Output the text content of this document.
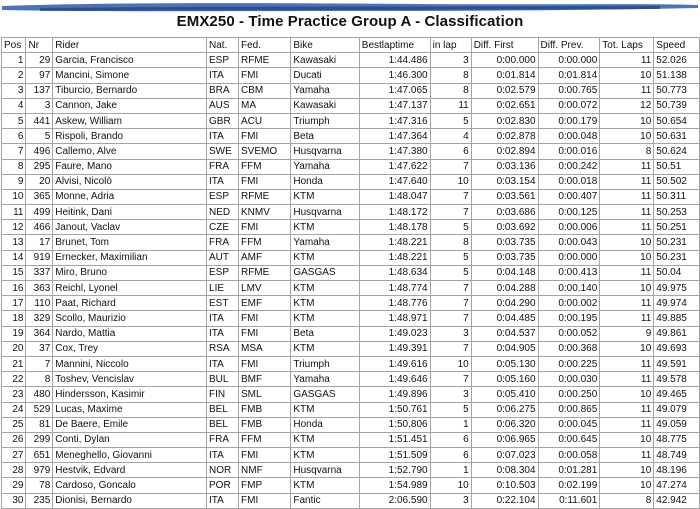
EMX250 - Time Practice Group A - Classification
Pos	Nr	Rider	Nat.	Fed.	Bike	Bestlaptime	in lap	Diff. First	Diff. Prev.	Tot. Laps	Speed
1	29	Garcia, Francisco	ESP	RFME	Kawasaki	1:44.486	3	0:00.000	0:00.000	11	52.026
2	97	Mancini, Simone	ITA	FMI	Ducati	1:46.300	8	0:01.814	0:01.814	10	51.138
3	137	Tiburcio, Bernardo	BRA	CBM	Yamaha	1:47.065	8	0:02.579	0:00.765	11	50.773
4	3	Cannon, Jake	AUS	MA	Kawasaki	1:47.137	11	0:02.651	0:00.072	12	50.739
5	441	Askew, William	GBR	ACU	Triumph	1:47.316	5	0:02.830	0:00.179	10	50.654
6	5	Rispoli, Brando	ITA	FMI	Beta	1:47.364	4	0:02.878	0:00.048	10	50.631
7	496	Callemo, Alve	SWE	SVEMO	Husqvarna	1:47.380	6	0:02.894	0:00.016	8	50.624
8	295	Faure, Mano	FRA	FFM	Yamaha	1:47.622	7	0:03.136	0:00.242	11	50.51
9	20	Alvisi, Nicolò	ITA	FMI	Honda	1:47.640	10	0:03.154	0:00.018	11	50.502
10	365	Monne, Adria	ESP	RFME	KTM	1:48.047	7	0:03.561	0:00.407	11	50.311
11	499	Heitink, Dani	NED	KNMV	Husqvarna	1:48.172	7	0:03.686	0:00.125	11	50.253
12	466	Janout, Vaclav	CZE	FMI	KTM	1:48.178	5	0:03.692	0:00.006	11	50.251
13	17	Brunet, Tom	FRA	FFM	Yamaha	1:48.221	8	0:03.735	0:00.043	10	50.231
14	919	Ernecker, Maximilian	AUT	AMF	KTM	1:48.221	5	0:03.735	0:00.000	10	50.231
15	337	Miro, Bruno	ESP	RFME	GASGAS	1:48.634	5	0:04.148	0:00.413	11	50.04
16	363	Reichl, Lyonel	LIE	LMV	KTM	1:48.774	7	0:04.288	0:00.140	10	49.975
17	110	Paat, Richard	EST	EMF	KTM	1:48.776	7	0:04.290	0:00.002	11	49.974
18	329	Scollo, Maurizio	ITA	FMI	KTM	1:48.971	7	0:04.485	0:00.195	11	49.885
19	364	Nardo, Mattia	ITA	FMI	Beta	1:49.023	3	0:04.537	0:00.052	9	49.861
20	37	Cox, Trey	RSA	MSA	KTM	1:49.391	7	0:04.905	0:00.368	10	49.693
21	7	Mannini, Niccolo	ITA	FMI	Triumph	1:49.616	10	0:05.130	0:00.225	11	49.591
22	8	Toshev, Vencislav	BUL	BMF	Yamaha	1:49.646	7	0:05.160	0:00.030	11	49.578
23	480	Hindersson, Kasimir	FIN	SML	GASGAS	1:49.896	3	0:05.410	0:00.250	10	49.465
24	529	Lucas, Maxime	BEL	FMB	KTM	1:50.761	5	0:06.275	0:00.865	11	49.079
25	81	De Baere, Emile	BEL	FMB	Honda	1:50.806	1	0:06.320	0:00.045	11	49.059
26	299	Conti, Dylan	FRA	FFM	KTM	1:51.451	6	0:06.965	0:00.645	10	48.775
27	651	Meneghello, Giovanni	ITA	FMI	KTM	1:51.509	6	0:07.023	0:00.058	11	48.749
28	979	Hestvik, Edvard	NOR	NMF	Husqvarna	1:52.790	1	0:08.304	0:01.281	10	48.196
29	78	Cardoso, Goncalo	POR	FMP	KTM	1:54.989	10	0:10.503	0:02.199	10	47.274
30	235	Dionisi, Bernardo	ITA	FMI	Fantic	2:06.590	3	0:22.104	0:11.601	8	42.942
